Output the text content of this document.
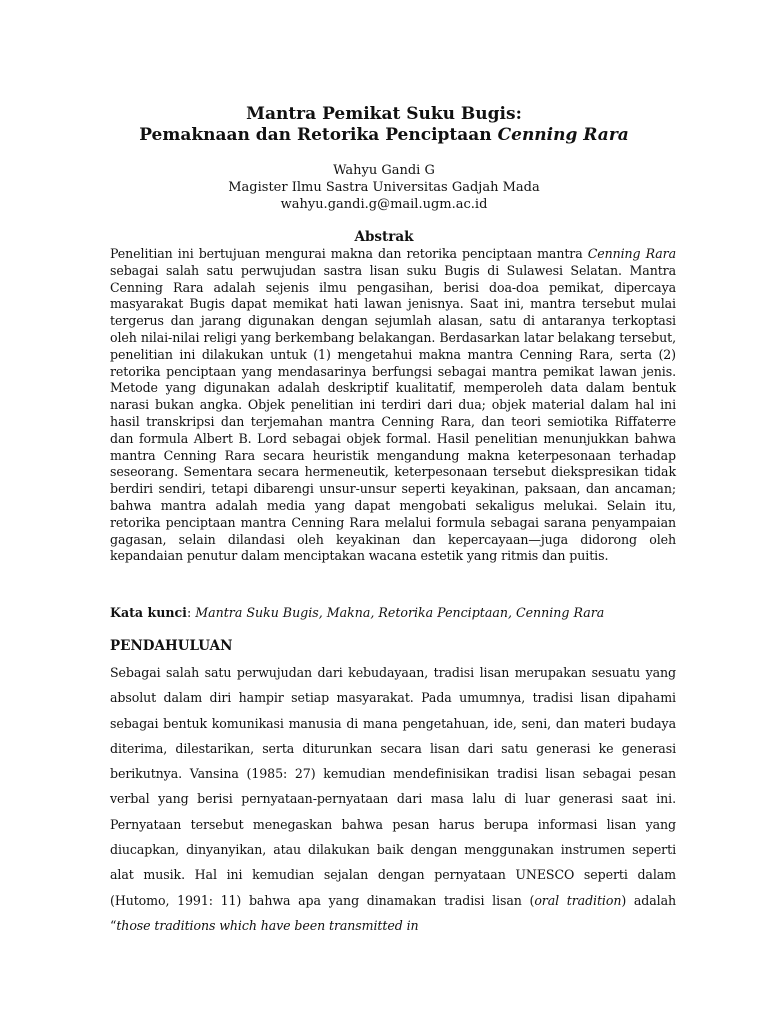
Mantra Pemikat Suku Bugis:
Pemaknaan dan Retorika Penciptaan Cenning Rara
Wahyu Gandi G
Magister Ilmu Sastra Universitas Gadjah Mada
wahyu.gandi.g@mail.ugm.ac.id
Abstrak

Penelitian ini bertujuan mengurai makna dan retorika penciptaan mantra Cenning Rara sebagai salah satu perwujudan sastra lisan suku Bugis di Sulawesi Selatan. Mantra Cenning Rara adalah sejenis ilmu pengasihan, berisi doa-doa pemikat, dipercaya masyarakat Bugis dapat memikat hati lawan jenisnya. Saat ini, mantra tersebut mulai tergerus dan jarang digunakan dengan sejumlah alasan, satu di antaranya terkoptasi oleh nilai-nilai religi yang berkembang belakangan. Berdasarkan latar belakang tersebut, penelitian ini dilakukan untuk (1) mengetahui makna mantra Cenning Rara, serta (2) retorika penciptaan yang mendasarinya berfungsi sebagai mantra pemikat lawan jenis. Metode yang digunakan adalah deskriptif kualitatif, memperoleh data dalam bentuk narasi bukan angka. Objek penelitian ini terdiri dari dua; objek material dalam hal ini hasil transkripsi dan terjemahan mantra Cenning Rara, dan teori semiotika Riffaterre dan formula Albert B. Lord sebagai objek formal. Hasil penelitian menunjukkan bahwa mantra Cenning Rara secara heuristik mengandung makna keterpesonaan terhadap seseorang. Sementara secara hermeneutik, keterpesonaan tersebut diekspresikan tidak berdiri sendiri, tetapi dibarengi unsur-unsur seperti keyakinan, paksaan, dan ancaman; bahwa mantra adalah media yang dapat mengobati sekaligus melukai. Selain itu, retorika penciptaan mantra Cenning Rara melalui formula sebagai sarana penyampaian gagasan, selain dilandasi oleh keyakinan dan kepercayaan—juga didorong oleh kepandaian penutur dalam menciptakan wacana estetik yang ritmis dan puitis.

Kata kunci: Mantra Suku Bugis, Makna, Retorika Penciptaan, Cenning Rara

PENDAHULUAN

Sebagai salah satu perwujudan dari kebudayaan, tradisi lisan merupakan sesuatu yang absolut dalam diri hampir setiap masyarakat. Pada umumnya, tradisi lisan dipahami sebagai bentuk komunikasi manusia di mana pengetahuan, ide, seni, dan materi budaya diterima, dilestarikan, serta diturunkan secara lisan dari satu generasi ke generasi berikutnya. Vansina (1985: 27) kemudian mendefinisikan tradisi lisan sebagai pesan verbal yang berisi pernyataan-pernyataan dari masa lalu di luar generasi saat ini. Pernyataan tersebut menegaskan bahwa pesan harus berupa informasi lisan yang diucapkan, dinyanyikan, atau dilakukan baik dengan menggunakan instrumen seperti alat musik. Hal ini kemudian sejalan dengan pernyataan UNESCO seperti dalam (Hutomo, 1991: 11) bahwa apa yang dinamakan tradisi lisan (oral tradition) adalah “those traditions which have been transmitted in
